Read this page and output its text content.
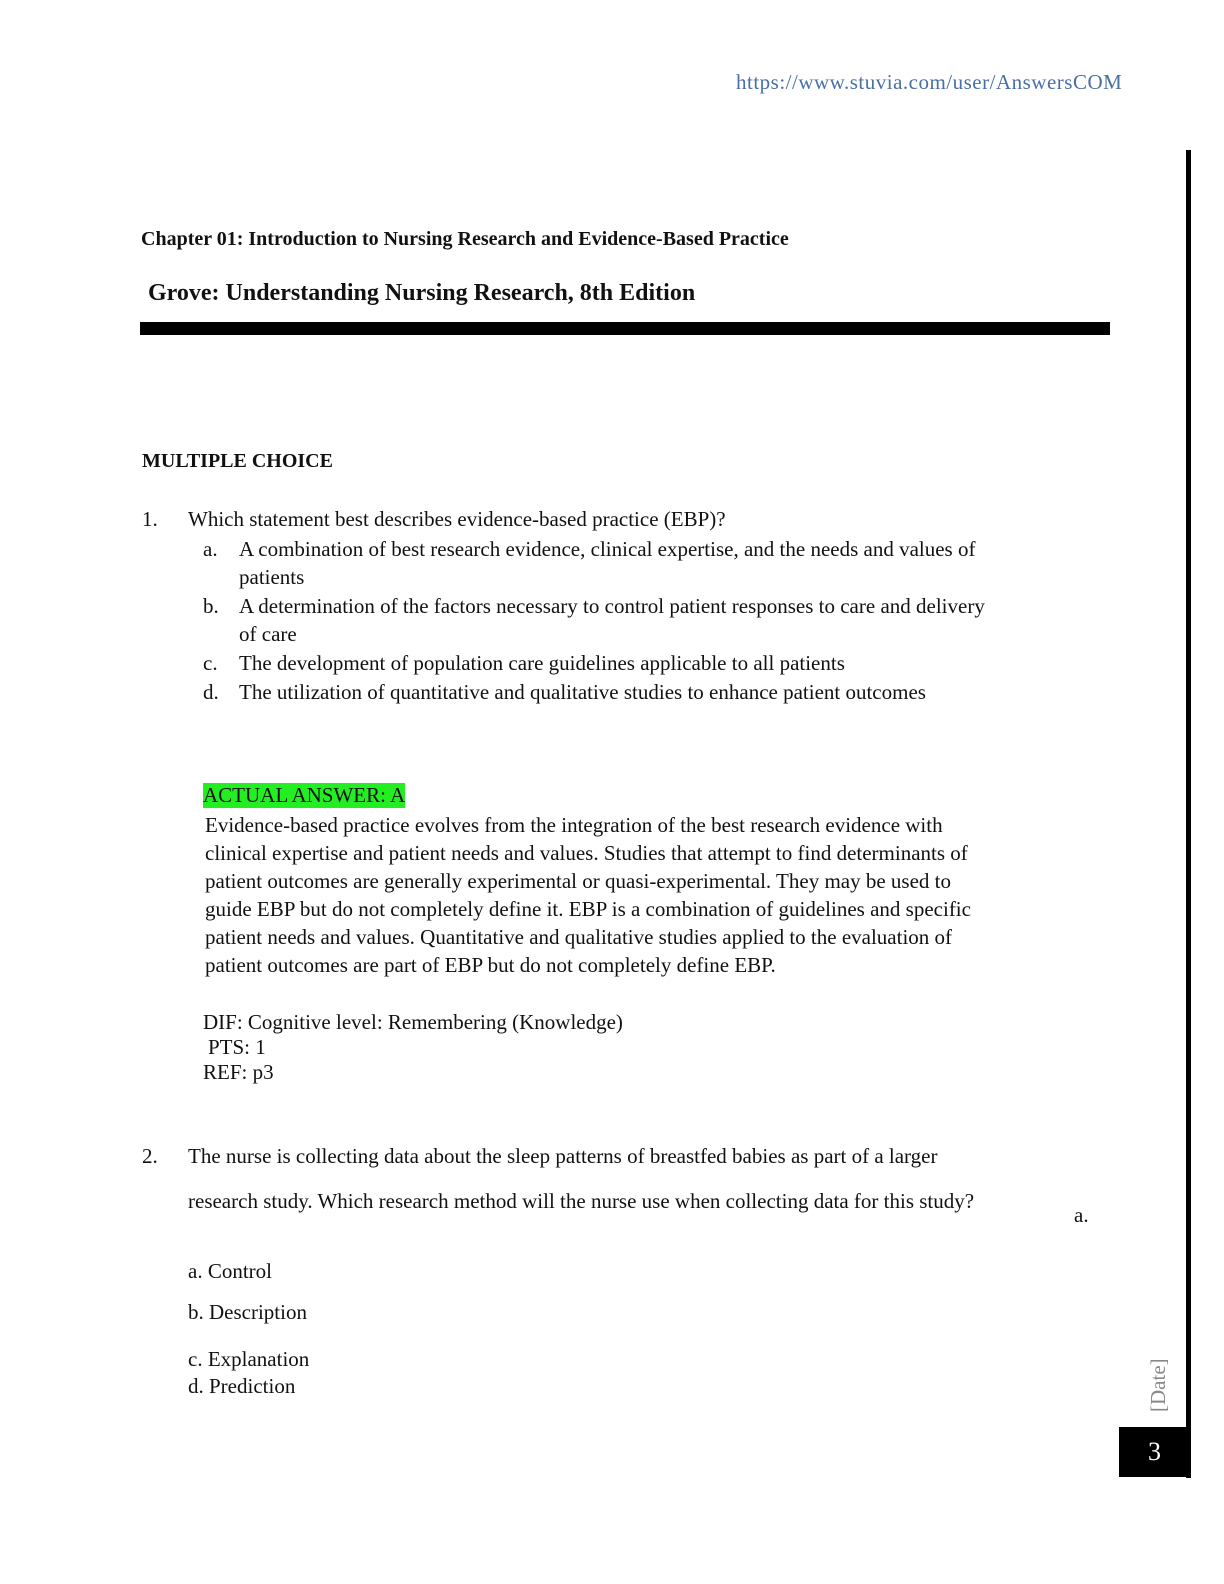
https://www.stuvia.com/user/AnswersCOM
Chapter 01: Introduction to Nursing Research and Evidence-Based Practice
Grove: Understanding Nursing Research, 8th Edition
MULTIPLE CHOICE
1. Which statement best describes evidence-based practice (EBP)?
a. A combination of best research evidence, clinical expertise, and the needs and values of
patients
b. A determination of the factors necessary to control patient responses to care and delivery
of care
c. The development of population care guidelines applicable to all patients
d. The utilization of quantitative and qualitative studies to enhance patient outcomes
ACTUAL ANSWER: A
Evidence-based practice evolves from the integration of the best research evidence with
clinical expertise and patient needs and values. Studies that attempt to find determinants of
patient outcomes are generally experimental or quasi-experimental. They may be used to
guide EBP but do not completely define it. EBP is a combination of guidelines and specific
patient needs and values. Quantitative and qualitative studies applied to the evaluation of
patient outcomes are part of EBP but do not completely define EBP.
DIF: Cognitive level: Remembering (Knowledge)
PTS: 1
REF: p3
2. The nurse is collecting data about the sleep patterns of breastfed babies as part of a larger
research study. Which research method will the nurse use when collecting data for this study?
a.
a. Control
b. Description
c. Explanation
d. Prediction	[Date]
3
